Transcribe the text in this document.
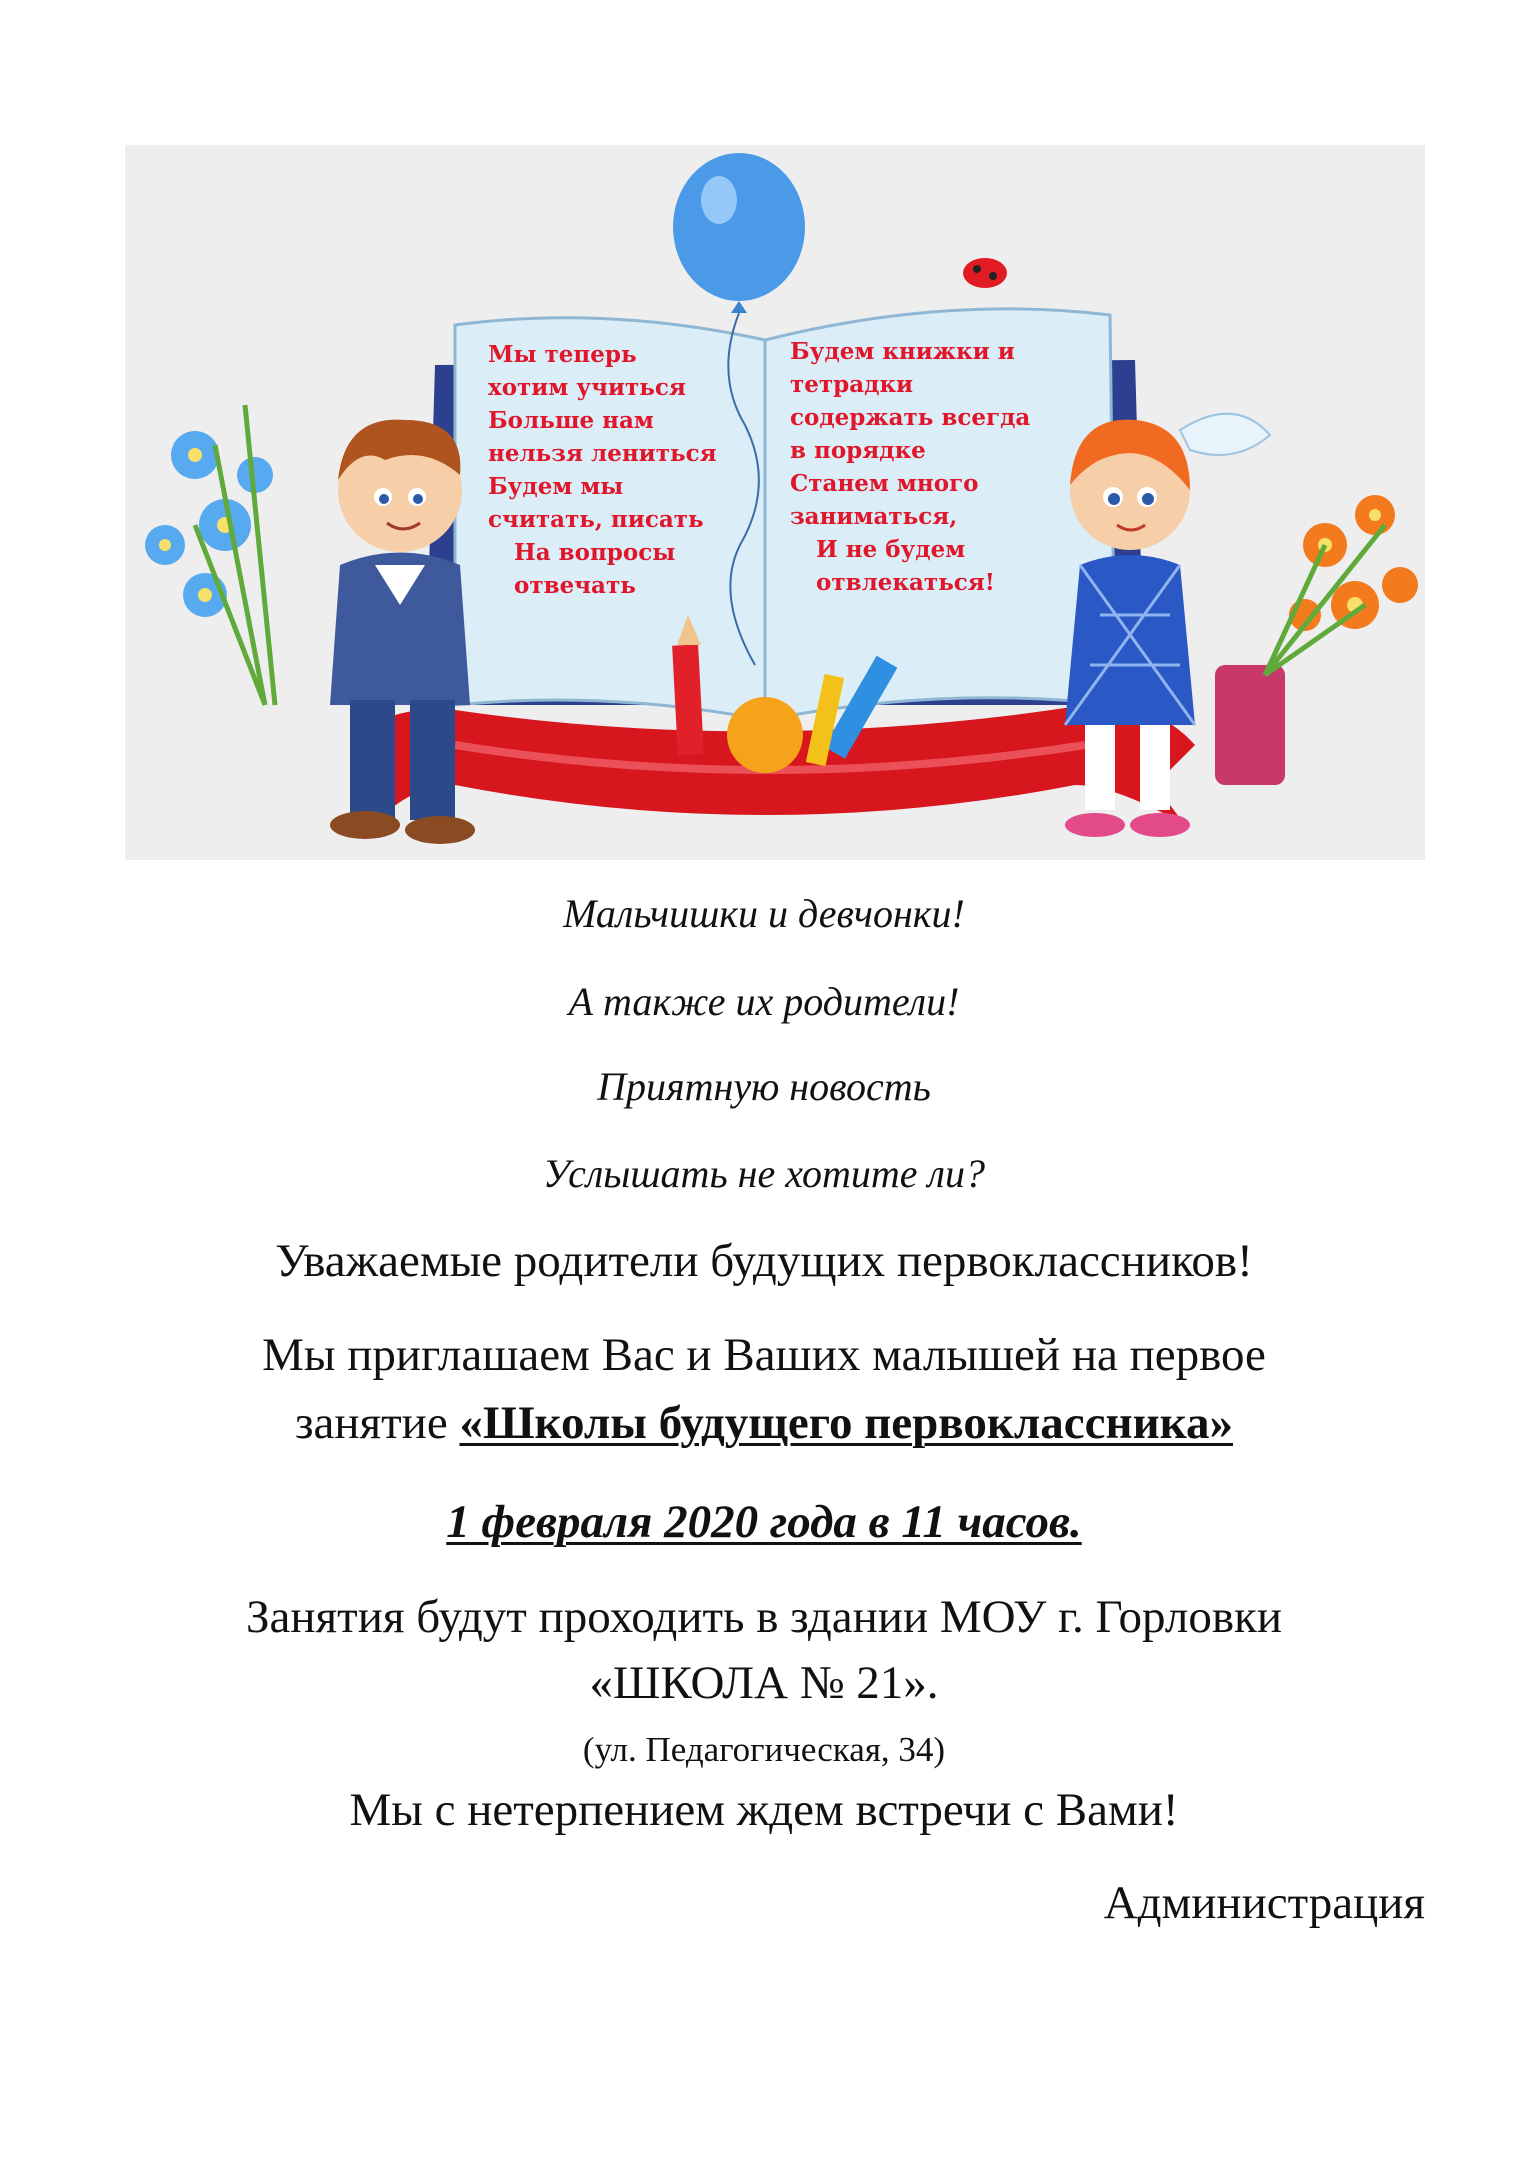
Мы теперь
хотим учиться
Больше нам
нельзя лениться
Будем мы
считать, писать
На вопросы
отвечать
Будем книжки и
тетрадки
содержать всегда
в порядке
Станем много
заниматься,
И не будем
отвлекаться!
Мальчишки и девчонки!
А также их родители!
Приятную новость
Услышать не хотите ли?
Уважаемые родители будущих первоклассников!
Мы приглашаем Вас и Ваших малышей на первое
занятие «Школы будущего первоклассника»
1 февраля 2020 года в 11 часов.
Занятия будут проходить в здании МОУ г. Горловки
«ШКОЛА № 21».
(ул. Педагогическая, 34)
Мы с нетерпением ждем встречи с Вами!
Администрация
